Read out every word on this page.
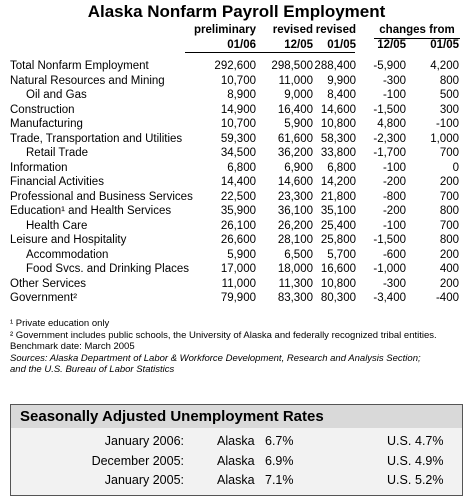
Alaska Nonfarm Payroll Employment
preliminary revised revised	changes from
01/06 12/05 01/05 12/05 01/05
Total Nonfarm Employment	292,600 298,500 288,400 -5,900 4,200
Natural Resources and Mining	10,700 11,000 9,900 -300	800
Oil and Gas	8,900 9,000 8,400 -100	500
Construction	14,900 16,400 14,600 -1,500	300
Manufacturing	10,700 5,900 10,800 4,800	-100
Trade, Transportation and Utilities	59,300 61,600 58,300 -2,300 1,000
Retail Trade	34,500 36,200 33,800 -1,700	700
Information	6,800 6,900 6,800 -100	0
Financial Activities	14,400 14,600 14,200 -200	200
Professional and Business Services 22,500 23,300 21,800 -800	700
Education¹ and Health Services	35,900 36,100 35,100 -200	800
Health Care	26,100 26,200 25,400 -100	700
Leisure and Hospitality	26,600 28,100 25,800 -1,500	800
Accommodation	5,900 6,500 5,700 -600	200
Food Svcs. and Drinking Places	17,000 18,000 16,600 -1,000	400
Other Services	11,000 11,300 10,800 -300	200
Government²	79,900 83,300 80,300 -3,400	-400
¹ Private education only
² Government includes public schools, the University of Alaska and federally recognized tribal entities.
Benchmark date: March 2005
Sources: Alaska Department of Labor & Workforce Development, Research and Analysis Section;
and the U.S. Bureau of Labor Statistics
Seasonally Adjusted Unemployment Rates
January 2006:	Alaska 6.7%	U.S. 4.7%
December 2005:	Alaska 6.9%	U.S. 4.9%
January 2005:	Alaska 7.1%	U.S. 5.2%
